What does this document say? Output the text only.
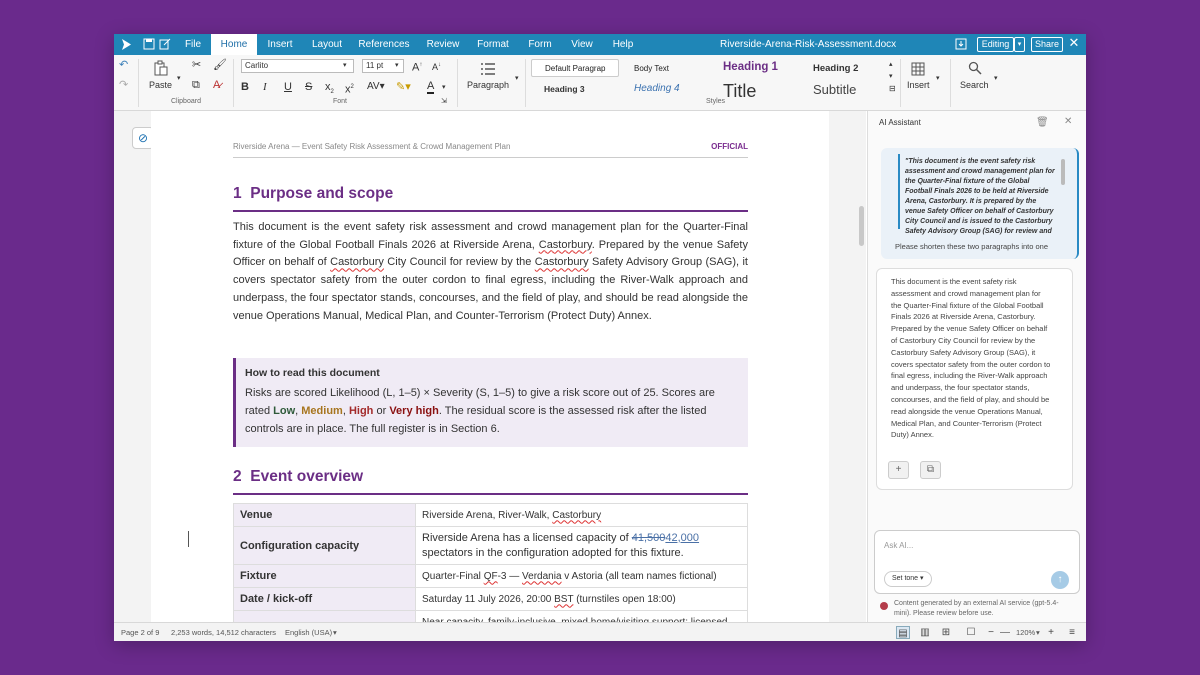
File	Home	Insert	Layout	References	Review	Format	Form	View	Help	Riverside-Arena-Risk-Assessment.docx	Editing	▾	Share ✕
↶
↷ Paste
▾
✂
⧉
🖌
A̷
Clipboard
Carlito	▾	11 pt	▾ A↑ A↓
B I U S $x_2$ $x^2$ AV▾ ✎▾ A ▾
Font	⇲
Paragraph
▾
Default Paragrap	Body Text	Heading 1	Heading 2
Heading 3	Heading 4 Title	Subtitle
▴
▾
⊟
Styles
Insert
▾
Search
▾
⊘
Riverside Arena — Event Safety Risk Assessment & Crowd Management Plan	OFFICIAL
1 Purpose and scope
This document is the event safety risk assessment and crowd management plan for the Quarter-Final fixture of the Global Football Finals 2026 at Riverside Arena, Castorbury. Prepared by the venue Safety Officer on behalf of Castorbury City Council for review by the Castorbury Safety Advisory Group (SAG), it covers spectator safety from the outer cordon to final egress, including the River-Walk approach and underpass, the four spectator stands, concourses, and the field of play, and should be read alongside the venue Operations Manual, Medical Plan, and Counter-Terrorism (Protect Duty) Annex.
How to read this document
Risks are scored Likelihood (L, 1–5) × Severity (S, 1–5) to give a risk score out of 25. Scores are rated Low, Medium, High or Very high. The residual score is the assessed risk after the listed controls are in place. The full register is in Section 6.
2 Event overview
Venue	Riverside Arena, River-Walk, Castorbury
Configuration capacity	Riverside Arena has a licensed capacity of 41,50042,000 spectators in the configuration adopted for this fixture.
Fixture	Quarter-Final QF-3 — Verdania v Astoria (all team names fictional)
Date / kick-off	Saturday 11 July 2026, 20:00 BST (turnstiles open 18:00)

AI Assistant	🗑 ✕
"This document is the event safety risk assessment and crowd management plan for the Quarter-Final fixture of the Global Football Finals 2026 to be held at Riverside Arena, Castorbury. It is prepared by the venue Safety Officer on behalf of Castorbury City Council and is issued to the Castorbury Safety Advisory Group (SAG) for review and
Please shorten these two paragraphs into one
This document is the event safety risk assessment and crowd management plan for the Quarter-Final fixture of the Global Football Finals 2026 at Riverside Arena, Castorbury. Prepared by the venue Safety Officer on behalf of Castorbury City Council for review by the Castorbury Safety Advisory Group (SAG), it covers spectator safety from the outer cordon to final egress, including the River-Walk approach and underpass, the four spectator stands, concourses, and the field of play, and should be read alongside the venue Operations Manual, Medical Plan, and Counter-Terrorism (Protect Duty) Annex.
+	⧉
Ask AI...
Set tone ▾	↑
Content generated by an external AI service (gpt-5.4-mini). Please review before use.
Page 2 of 9 2,253 words, 14,512 characters English (USA) ▾	▤ ▥ ⊞ ☐	−	120% ▾ +	≡
